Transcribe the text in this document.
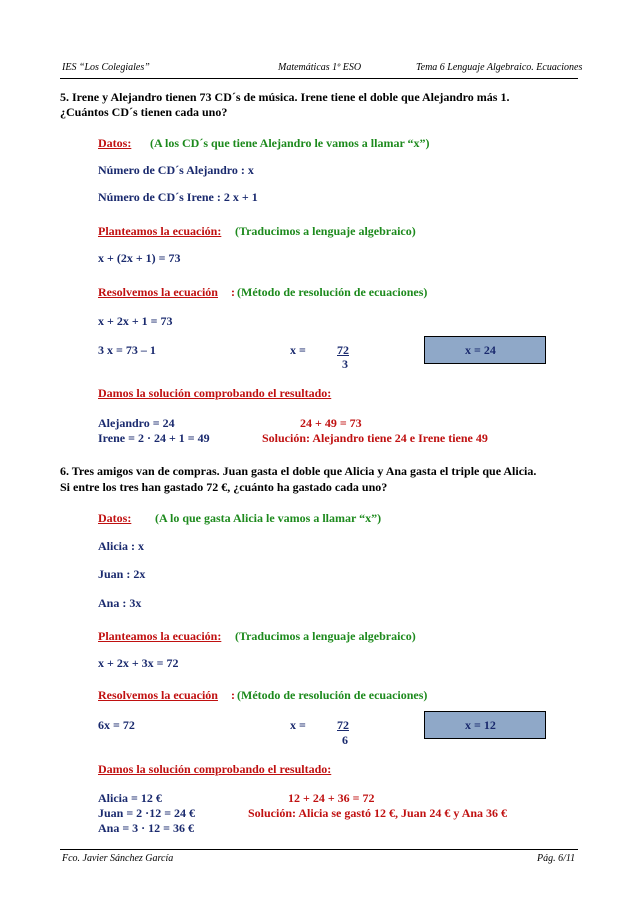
IES “Los Colegiales”	Matemáticas 1º ESO	Tema 6 Lenguaje Algebraico. Ecuaciones
5. Irene y Alejandro tienen 73 CD´s de música. Irene tiene el doble que Alejandro más 1.
¿Cuántos CD´s tienen cada uno?
Datos: (A los CD´s que tiene Alejandro le vamos a llamar “x”)
Número de CD´s Alejandro : x
Número de CD´s Irene : 2 x + 1
Planteamos la ecuación: (Traducimos a lenguaje algebraico)
x + (2x + 1) = 73
Resolvemos la ecuación : (Método de resolución de ecuaciones)
x + 2x + 1 = 73
3 x = 73 – 1	x =	72
3
x = 24
Damos la solución comprobando el resultado:
Alejandro = 24	24 + 49 = 73
Irene = 2 · 24 + 1 = 49	Solución: Alejandro tiene 24 e Irene tiene 49
6. Tres amigos van de compras. Juan gasta el doble que Alicia y Ana gasta el triple que Alicia.
Si entre los tres han gastado 72 €, ¿cuánto ha gastado cada uno?
Datos: (A lo que gasta Alicia le vamos a llamar “x”)
Alicia : x
Juan : 2x
Ana : 3x
Planteamos la ecuación: (Traducimos a lenguaje algebraico)
x + 2x + 3x = 72
Resolvemos la ecuación : (Método de resolución de ecuaciones)
6x = 72	x =	72
6
x = 12
Damos la solución comprobando el resultado:
Alicia = 12 €	12 + 24 + 36 = 72
Juan = 2 ·12 = 24 €	Solución: Alicia se gastó 12 €, Juan 24 € y Ana 36 €
Ana = 3 · 12 = 36 €
Fco. Javier Sánchez García	Pág. 6/11
